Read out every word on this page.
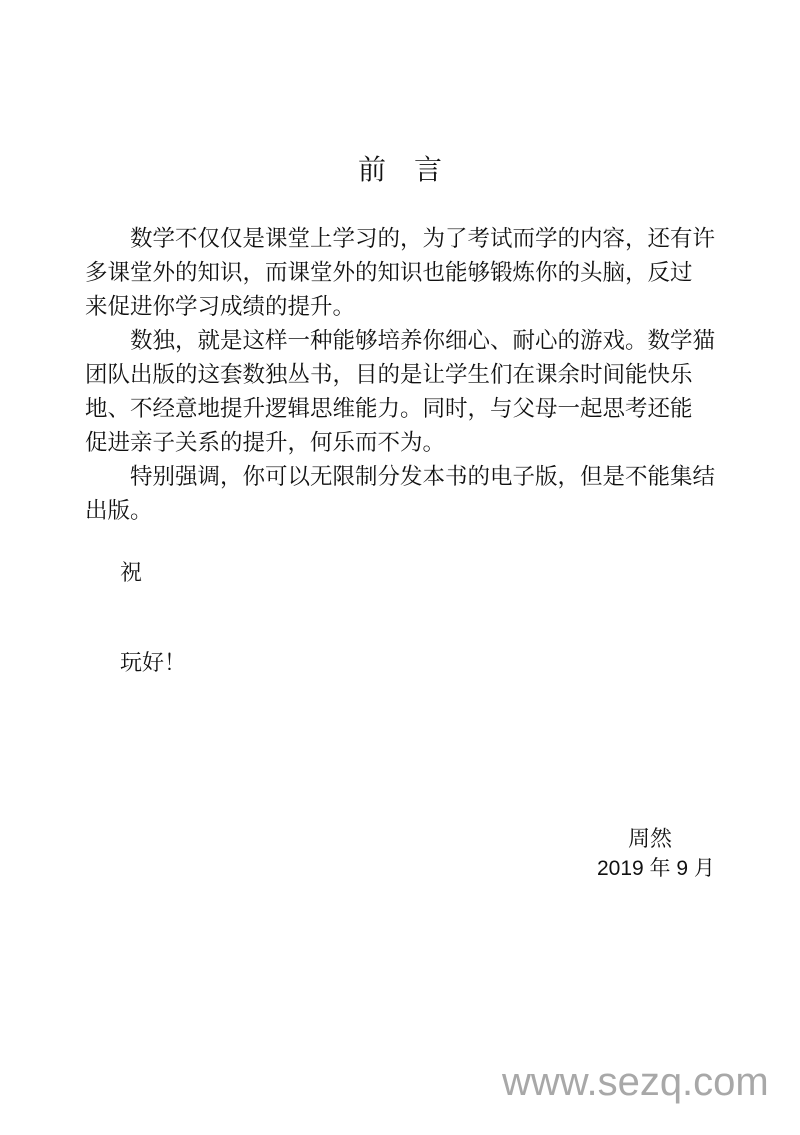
前　言
数学不仅仅是课堂上学习的，为了考试而学的内容，还有许
多课堂外的知识，而课堂外的知识也能够锻炼你的头脑，反过
来促进你学习成绩的提升。
数独，就是这样一种能够培养你细心、耐心的游戏。数学猫
团队出版的这套数独丛书，目的是让学生们在课余时间能快乐
地、不经意地提升逻辑思维能力。同时，与父母一起思考还能
促进亲子关系的提升，何乐而不为。
特别强调，你可以无限制分发本书的电子版，但是不能集结
出版。
祝
玩好！
周然
2019 年 9 月
www.sezq.com
